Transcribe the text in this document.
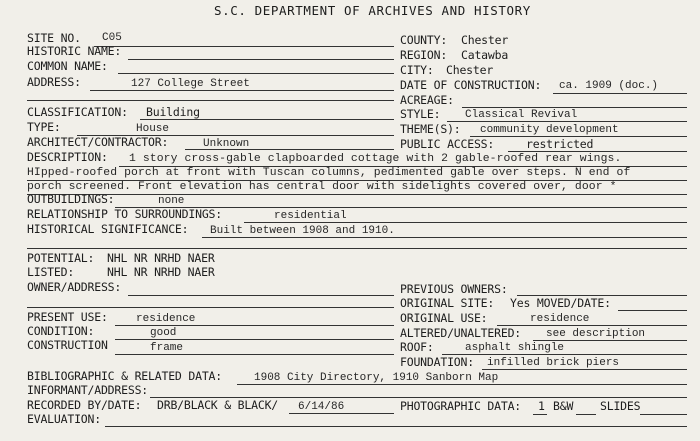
S.C. DEPARTMENT OF ARCHIVES AND HISTORY
SITE NO. C05
HISTORIC NAME:
COMMON NAME:
ADDRESS:	127 College Street
COUNTY: Chester
REGION: Catawba
CITY: Chester
DATE OF CONSTRUCTION: ca. 1909 (doc.)
ACREAGE:
CLASSIFICATION: Building
TYPE:	House
ARCHITECT/CONTRACTOR:	Unknown
STYLE: Classical Revival
THEME(S): community development
PUBLIC ACCESS:	restricted
DESCRIPTION: 1 story cross-gable clapboarded cottage with 2 gable-roofed rear wings.
HIpped-roofed porch at front with Tuscan columns, pedimented gable over steps. N end of
porch screened. Front elevation has central door with sidelights covered over, door *
OUTBUILDINGS:	none
RELATIONSHIP TO SURROUNDINGS:	residential
HISTORICAL SIGNIFICANCE: Built between 1908 and 1910.
POTENTIAL: NHL NR NRHD NAER
LISTED:	NHL NR NRHD NAER
OWNER/ADDRESS:	PREVIOUS OWNERS:
ORIGINAL SITE: Yes MOVED/DATE:
PRESENT USE:	residence
CONDITION:	good
CONSTRUCTION	frame
ORIGINAL USE:	residence
ALTERED/UNALTERED: see description
ROOF:	asphalt shingle
FOUNDATION: infilled brick piers
BIBLIOGRAPHIC & RELATED DATA:	1908 City Directory, 1910 Sanborn Map
INFORMANT/ADDRESS:
RECORDED BY/DATE: DRB/BLACK & BLACK/ 6/14/86	PHOTOGRAPHIC DATA: 1 B&W SLIDES
EVALUATION:
